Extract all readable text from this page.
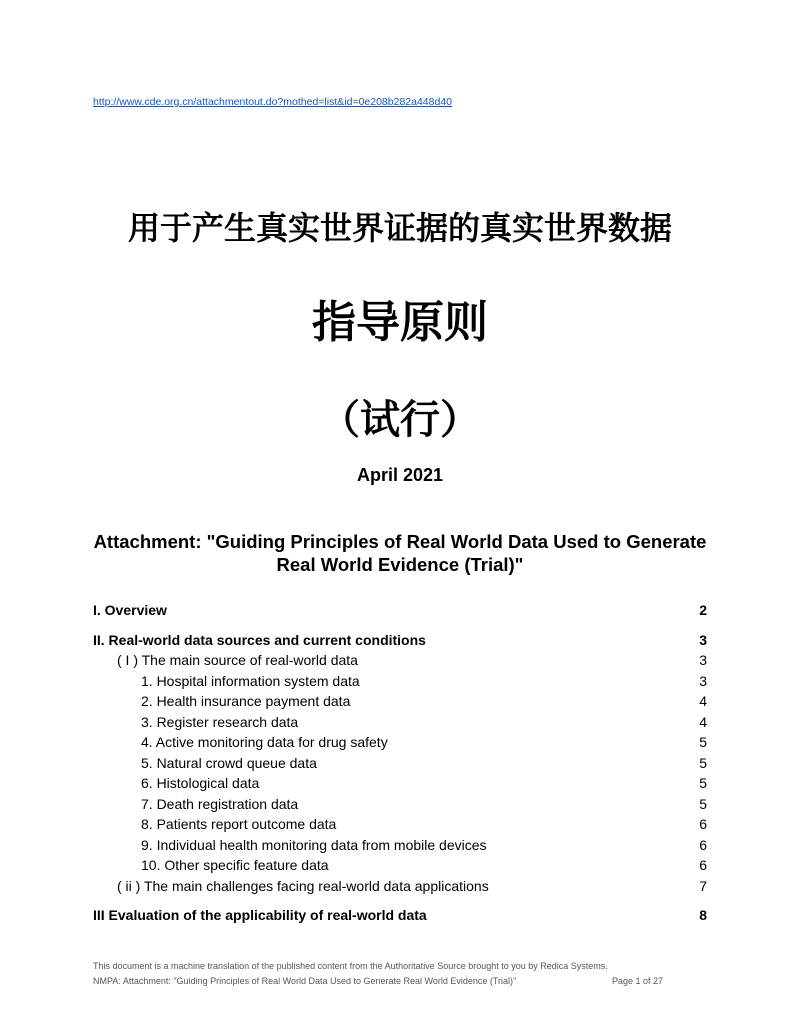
http://www.cde.org.cn/attachmentout.do?mothed=list&id=0e208b282a448d40
用于产生真实世界证据的真实世界数据
指导原则
（试行）
April 2021
Attachment: "Guiding Principles of Real World Data Used to Generate Real World Evidence (Trial)"
I. Overview	2
II. Real-world data sources and current conditions	3
( I ) The main source of real-world data	3
1. Hospital information system data	3
2. Health insurance payment data	4
3. Register research data	4
4. Active monitoring data for drug safety	5
5. Natural crowd queue data	5
6. Histological data	5
7. Death registration data	5
8. Patients report outcome data	6
9. Individual health monitoring data from mobile devices	6
10. Other specific feature data	6
( ii ) The main challenges facing real-world data applications	7
III Evaluation of the applicability of real-world data	8
This document is a machine translation of the published content from the Authoritative Source brought to you by Redica Systems.
NMPA: Attachment: "Guiding Principles of Real World Data Used to Generate Real World Evidence (Trial)"	Page 1 of 27
